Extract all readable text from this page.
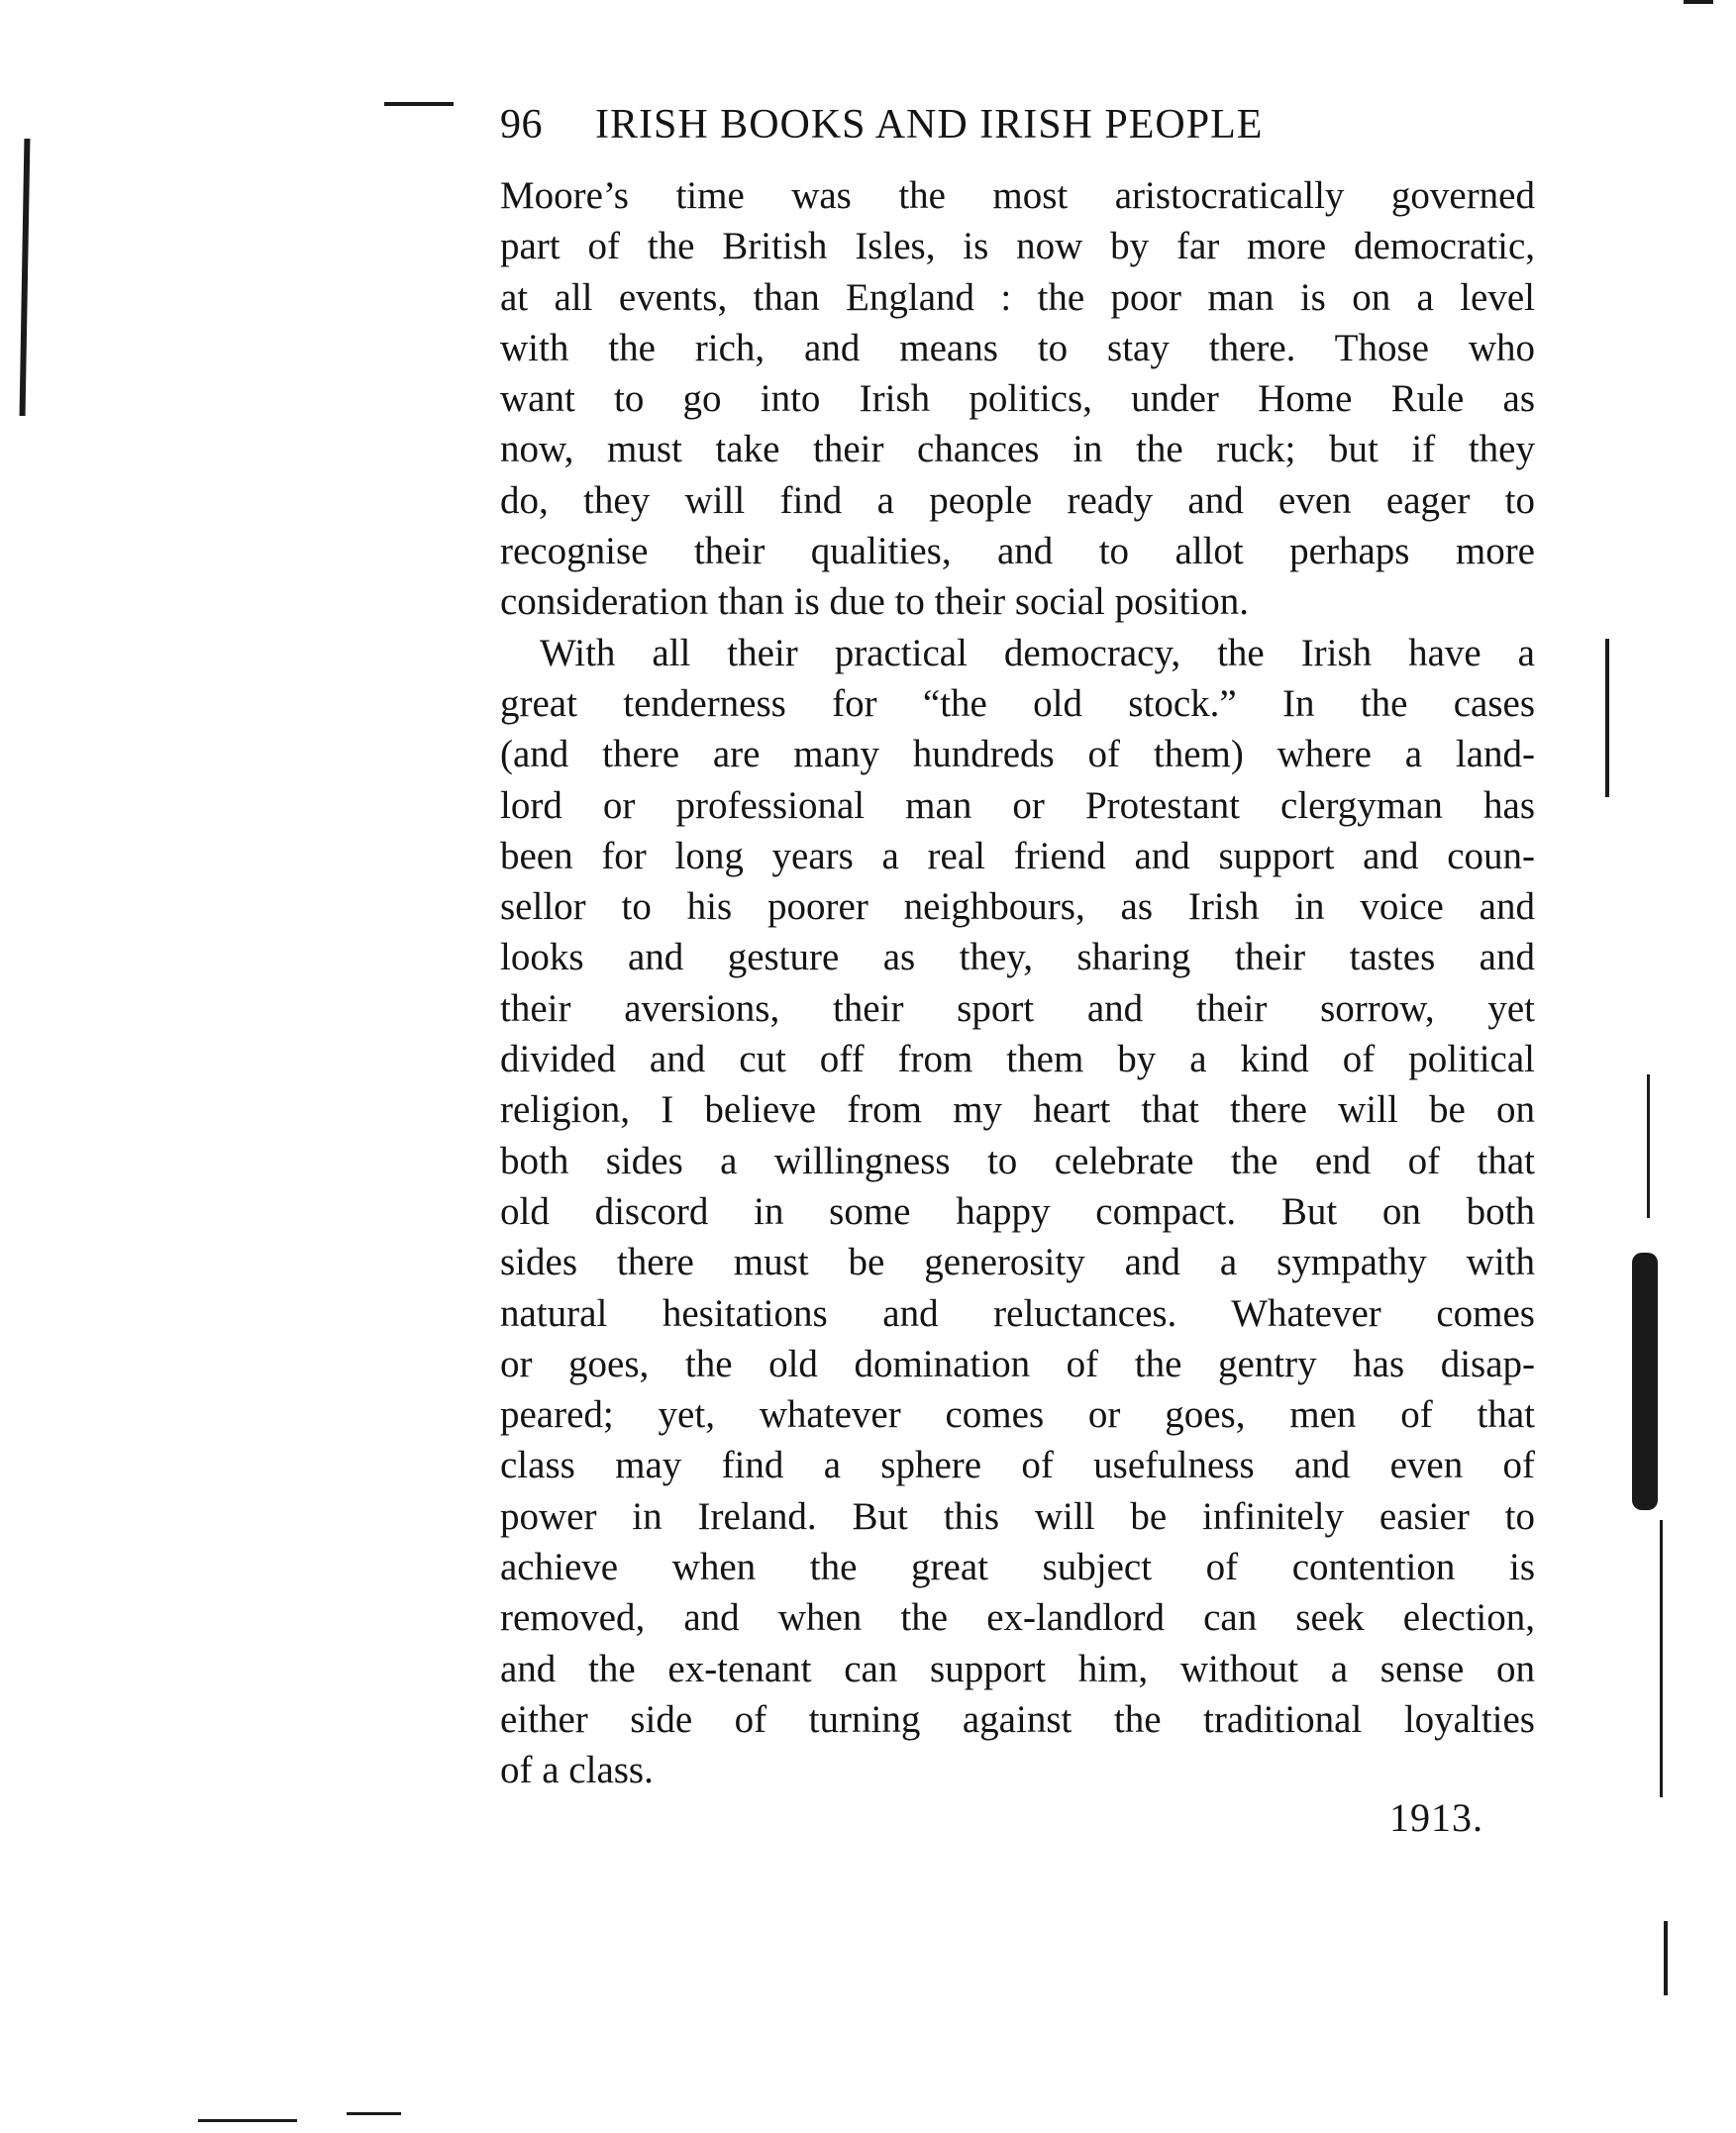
96 IRISH BOOKS AND IRISH PEOPLE
Moore’s time was the most aristocratically governed
part of the British Isles, is now by far more democratic,
at all events, than England : the poor man is on a level
with the rich, and means to stay there. Those who
want to go into Irish politics, under Home Rule as
now, must take their chances in the ruck; but if they
do, they will find a people ready and even eager to
recognise their qualities, and to allot perhaps more
consideration than is due to their social position.
With all their practical democracy, the Irish have a
great tenderness for “the old stock.” In the cases
(and there are many hundreds of them) where a land-
lord or professional man or Protestant clergyman has
been for long years a real friend and support and coun-
sellor to his poorer neighbours, as Irish in voice and
looks and gesture as they, sharing their tastes and
their aversions, their sport and their sorrow, yet
divided and cut off from them by a kind of political
religion, I believe from my heart that there will be on
both sides a willingness to celebrate the end of that
old discord in some happy compact. But on both
sides there must be generosity and a sympathy with
natural hesitations and reluctances. Whatever comes
or goes, the old domination of the gentry has disap-
peared; yet, whatever comes or goes, men of that
class may find a sphere of usefulness and even of
power in Ireland. But this will be infinitely easier to
achieve when the great subject of contention is
removed, and when the ex-landlord can seek election,
and the ex-tenant can support him, without a sense on
either side of turning against the traditional loyalties
of a class.
1913.
